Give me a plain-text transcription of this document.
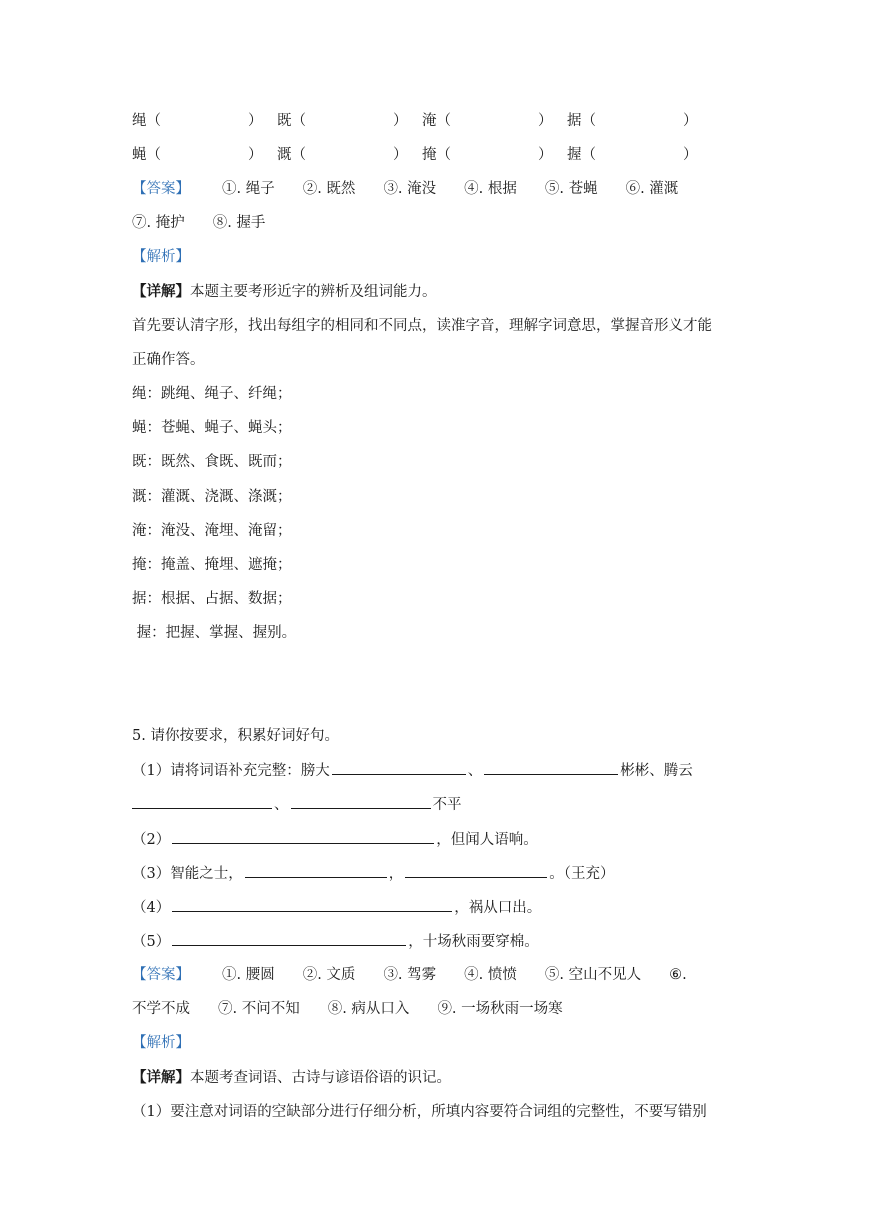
绳（　　　　　　） 既（　　　　　　） 淹（　　　　　　） 据（　　　　　　）
蝇（　　　　　　） 溉（　　　　　　） 掩（　　　　　　） 握（　　　　　　）
【答案】 ①. 绳子 ②. 既然 ③. 淹没 ④. 根据 ⑤. 苍蝇 ⑥. 灌溉
⑦. 掩护 ⑧. 握手
【解析】
【详解】本题主要考形近字的辨析及组词能力。
首先要认清字形，找出每组字的相同和不同点，读准字音，理解字词意思，掌握音形义才能
正确作答。
绳：跳绳、绳子、纤绳；
蝇：苍蝇、蝇子、蝇头；
既：既然、食既、既而；
溉：灌溉、浇溉、涤溉；
淹：淹没、淹埋、淹留；
掩：掩盖、掩埋、遮掩；
据：根据、占据、数据；
握：把握、掌握、握别。
5. 请你按要求，积累好词好句。
（1）请将词语补充完整：膀大	、	彬彬、腾云
、	不平
（2）	，但闻人语响。
（3）智能之士，	，	。（王充）
（4）	，祸从口出。
（5）	，十场秋雨要穿棉。
【答案】 ①. 腰圆 ②. 文质 ③. 驾雾 ④. 愤愤 ⑤. 空山不见人 ⑥.
不学不成 ⑦. 不问不知 ⑧. 病从口入 ⑨. 一场秋雨一场寒
【解析】
【详解】本题考查词语、古诗与谚语俗语的识记。
（1）要注意对词语的空缺部分进行仔细分析，所填内容要符合词组的完整性，不要写错别
